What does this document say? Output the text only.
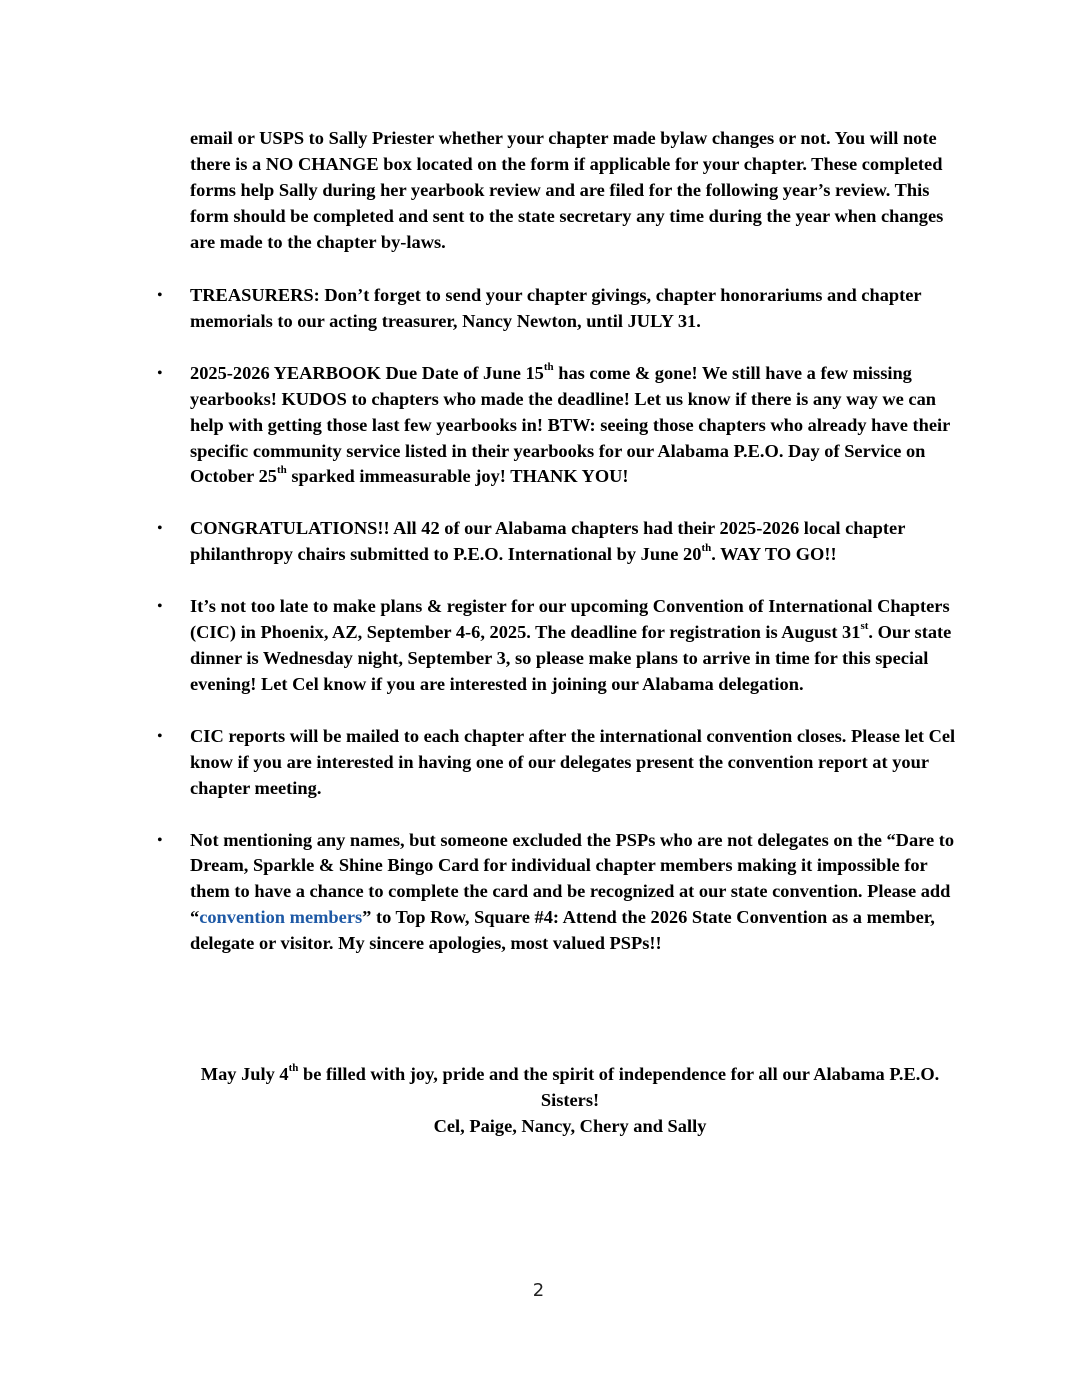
email or USPS to Sally Priester whether your chapter made bylaw changes or not. You will note there is a NO CHANGE box located on the form if applicable for your chapter. These completed forms help Sally during her yearbook review and are filed for the following year’s review. This form should be completed and sent to the state secretary any time during the year when changes are made to the chapter by-laws.

• TREASURERS: Don’t forget to send your chapter givings, chapter honorariums and chapter memorials to our acting treasurer, Nancy Newton, until JULY 31.
• 2025-2026 YEARBOOK Due Date of June 15th has come & gone! We still have a few missing yearbooks! KUDOS to chapters who made the deadline! Let us know if there is any way we can help with getting those last few yearbooks in! BTW: seeing those chapters who already have their specific community service listed in their yearbooks for our Alabama P.E.O. Day of Service on October 25th sparked immeasurable joy! THANK YOU!
• CONGRATULATIONS!! All 42 of our Alabama chapters had their 2025-2026 local chapter philanthropy chairs submitted to P.E.O. International by June 20th. WAY TO GO!!
• It’s not too late to make plans & register for our upcoming Convention of International Chapters (CIC) in Phoenix, AZ, September 4-6, 2025. The deadline for registration is August 31st. Our state dinner is Wednesday night, September 3, so please make plans to arrive in time for this special evening! Let Cel know if you are interested in joining our Alabama delegation.
• CIC reports will be mailed to each chapter after the international convention closes. Please let Cel know if you are interested in having one of our delegates present the convention report at your chapter meeting.
• Not mentioning any names, but someone excluded the PSPs who are not delegates on the “Dare to Dream, Sparkle & Shine Bingo Card for individual chapter members making it impossible for them to have a chance to complete the card and be recognized at our state convention. Please add “convention members” to Top Row, Square #4: Attend the 2026 State Convention as a member, delegate or visitor. My sincere apologies, most valued PSPs!!
May July 4th be filled with joy, pride and the spirit of independence for all our Alabama P.E.O. Sisters!
Cel, Paige, Nancy, Chery and Sally
2
